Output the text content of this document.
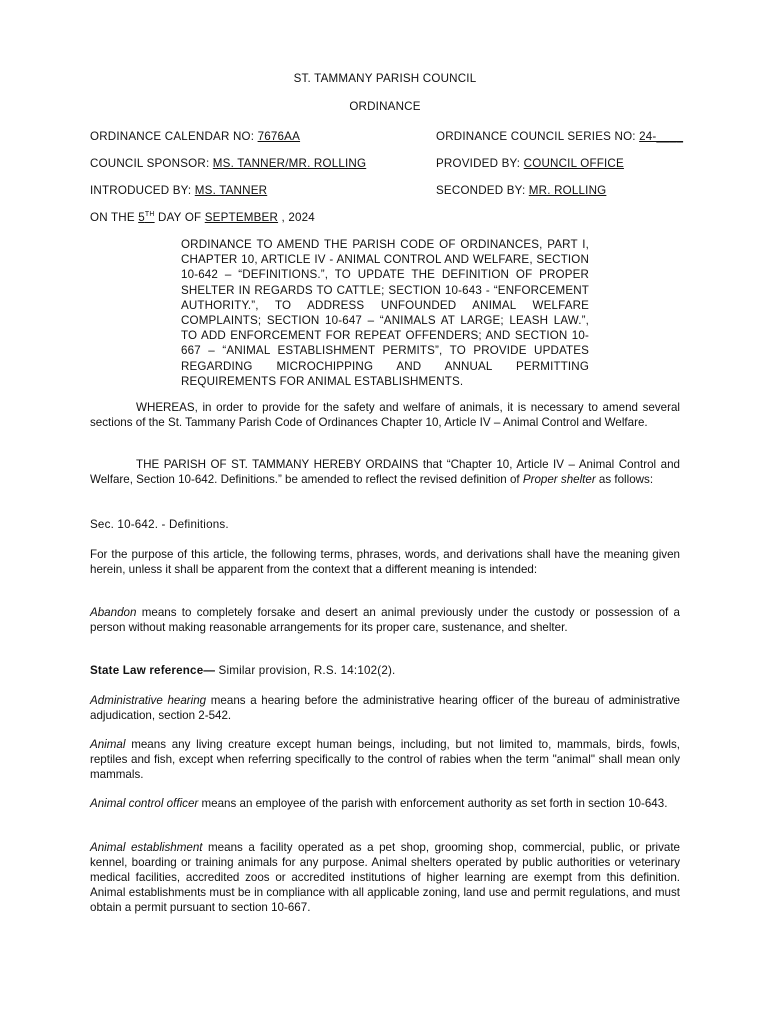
ST. TAMMANY PARISH COUNCIL
ORDINANCE
ORDINANCE CALENDAR NO: 7676AA	ORDINANCE COUNCIL SERIES NO: 24-____
COUNCIL SPONSOR: MS. TANNER/MR. ROLLING	PROVIDED BY: COUNCIL OFFICE
INTRODUCED BY: MS. TANNER	SECONDED BY: MR. ROLLING
ON THE 5TH DAY OF SEPTEMBER , 2024
ORDINANCE TO AMEND THE PARISH CODE OF ORDINANCES, PART I, CHAPTER 10, ARTICLE IV - ANIMAL CONTROL AND WELFARE, SECTION 10-642 – “DEFINITIONS.”, TO UPDATE THE DEFINITION OF PROPER SHELTER IN REGARDS TO CATTLE; SECTION 10-643 - “ENFORCEMENT AUTHORITY.”, TO ADDRESS UNFOUNDED ANIMAL WELFARE COMPLAINTS; SECTION 10-647 – “ANIMALS AT LARGE; LEASH LAW.”, TO ADD ENFORCEMENT FOR REPEAT OFFENDERS; AND SECTION 10-667 – “ANIMAL ESTABLISHMENT PERMITS”, TO PROVIDE UPDATES REGARDING MICROCHIPPING AND ANNUAL PERMITTING REQUIREMENTS FOR ANIMAL ESTABLISHMENTS.
WHEREAS, in order to provide for the safety and welfare of animals, it is necessary to amend several sections of the St. Tammany Parish Code of Ordinances Chapter 10, Article IV – Animal Control and Welfare.
THE PARISH OF ST. TAMMANY HEREBY ORDAINS that “Chapter 10, Article IV – Animal Control and Welfare, Section 10-642. Definitions.” be amended to reflect the revised definition of Proper shelter as follows:
Sec. 10-642. - Definitions.
For the purpose of this article, the following terms, phrases, words, and derivations shall have the meaning given herein, unless it shall be apparent from the context that a different meaning is intended:
Abandon means to completely forsake and desert an animal previously under the custody or possession of a person without making reasonable arrangements for its proper care, sustenance, and shelter.
State Law reference— Similar provision, R.S. 14:102(2).
Administrative hearing means a hearing before the administrative hearing officer of the bureau of administrative adjudication, section 2-542.
Animal means any living creature except human beings, including, but not limited to, mammals, birds, fowls, reptiles and fish, except when referring specifically to the control of rabies when the term "animal" shall mean only mammals.
Animal control officer means an employee of the parish with enforcement authority as set forth in section 10-643.
Animal establishment means a facility operated as a pet shop, grooming shop, commercial, public, or private kennel, boarding or training animals for any purpose. Animal shelters operated by public authorities or veterinary medical facilities, accredited zoos or accredited institutions of higher learning are exempt from this definition. Animal establishments must be in compliance with all applicable zoning, land use and permit regulations, and must obtain a permit pursuant to section 10-667.
